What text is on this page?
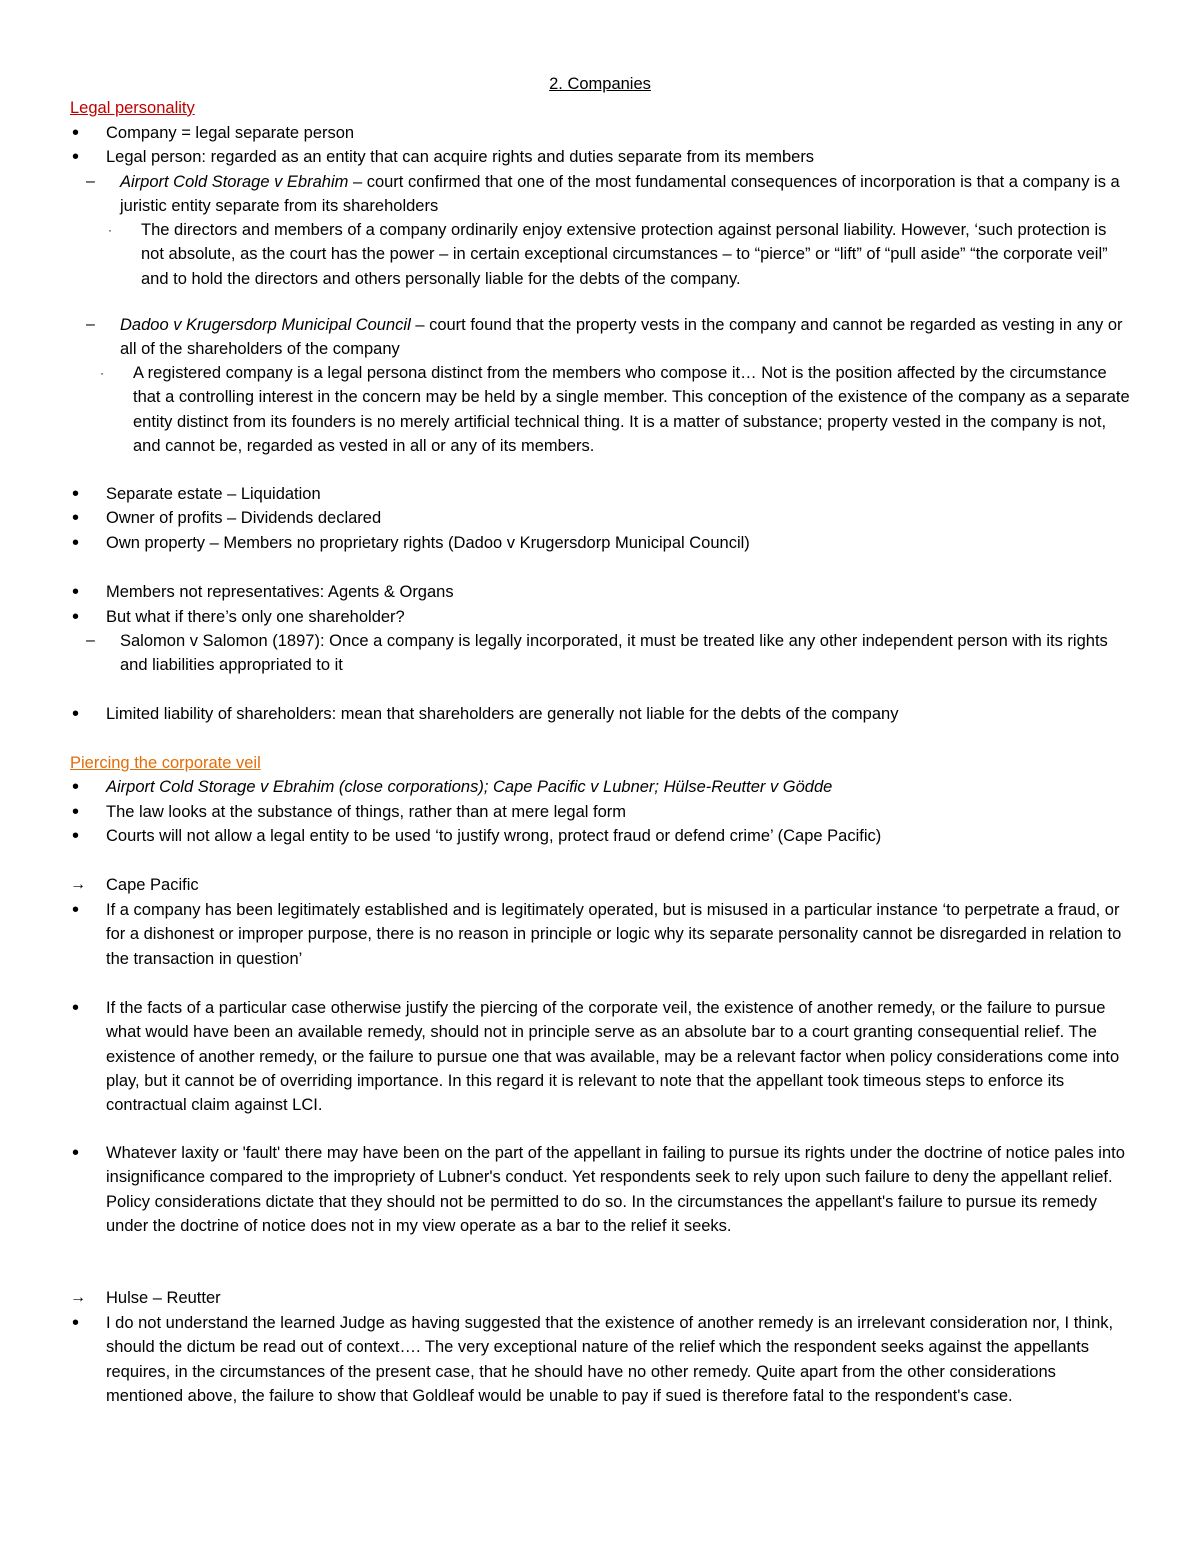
2. Companies
Legal personality
• Company = legal separate person
• Legal person: regarded as an entity that can acquire rights and duties separate from its members
– Airport Cold Storage v Ebrahim – court confirmed that one of the most fundamental consequences of incorporation is that a company is a juristic entity separate from its shareholders
· The directors and members of a company ordinarily enjoy extensive protection against personal liability. However, ‘such protection is not absolute, as the court has the power – in certain exceptional circumstances – to “pierce” or “lift” of “pull aside” “the corporate veil” and to hold the directors and others personally liable for the debts of the company.
– Dadoo v Krugersdorp Municipal Council – court found that the property vests in the company and cannot be regarded as vesting in any or all of the shareholders of the company
· A registered company is a legal persona distinct from the members who compose it… Not is the position affected by the circumstance that a controlling interest in the concern may be held by a single member. This conception of the existence of the company as a separate entity distinct from its founders is no merely artificial technical thing. It is a matter of substance; property vested in the company is not, and cannot be, regarded as vested in all or any of its members.
• Separate estate – Liquidation
• Owner of profits – Dividends declared
• Own property – Members no proprietary rights (Dadoo v Krugersdorp Municipal Council)
• Members not representatives: Agents & Organs
• But what if there’s only one shareholder?
– Salomon v Salomon (1897): Once a company is legally incorporated, it must be treated like any other independent person with its rights and liabilities appropriated to it
• Limited liability of shareholders: mean that shareholders are generally not liable for the debts of the company
Piercing the corporate veil
• Airport Cold Storage v Ebrahim (close corporations); Cape Pacific v Lubner; Hülse-Reutter v Gödde
• The law looks at the substance of things, rather than at mere legal form
• Courts will not allow a legal entity to be used ‘to justify wrong, protect fraud or defend crime’ (Cape Pacific)
→ Cape Pacific
• If a company has been legitimately established and is legitimately operated, but is misused in a particular instance ‘to perpetrate a fraud, or for a dishonest or improper purpose, there is no reason in principle or logic why its separate personality cannot be disregarded in relation to the transaction in question’
• If the facts of a particular case otherwise justify the piercing of the corporate veil, the existence of another remedy, or the failure to pursue what would have been an available remedy, should not in principle serve as an absolute bar to a court granting consequential relief. The existence of another remedy, or the failure to pursue one that was available, may be a relevant factor when policy considerations come into play, but it cannot be of overriding importance. In this regard it is relevant to note that the appellant took timeous steps to enforce its contractual claim against LCI.
• Whatever laxity or 'fault' there may have been on the part of the appellant in failing to pursue its rights under the doctrine of notice pales into insignificance compared to the impropriety of Lubner's conduct. Yet respondents seek to rely upon such failure to deny the appellant relief. Policy considerations dictate that they should not be permitted to do so. In the circumstances the appellant's failure to pursue its remedy under the doctrine of notice does not in my view operate as a bar to the relief it seeks.
→ Hulse – Reutter
• I do not understand the learned Judge as having suggested that the existence of another remedy is an irrelevant consideration nor, I think, should the dictum be read out of context…. The very exceptional nature of the relief which the respondent seeks against the appellants requires, in the circumstances of the present case, that he should have no other remedy. Quite apart from the other considerations mentioned above, the failure to show that Goldleaf would be unable to pay if sued is therefore fatal to the respondent's case.
